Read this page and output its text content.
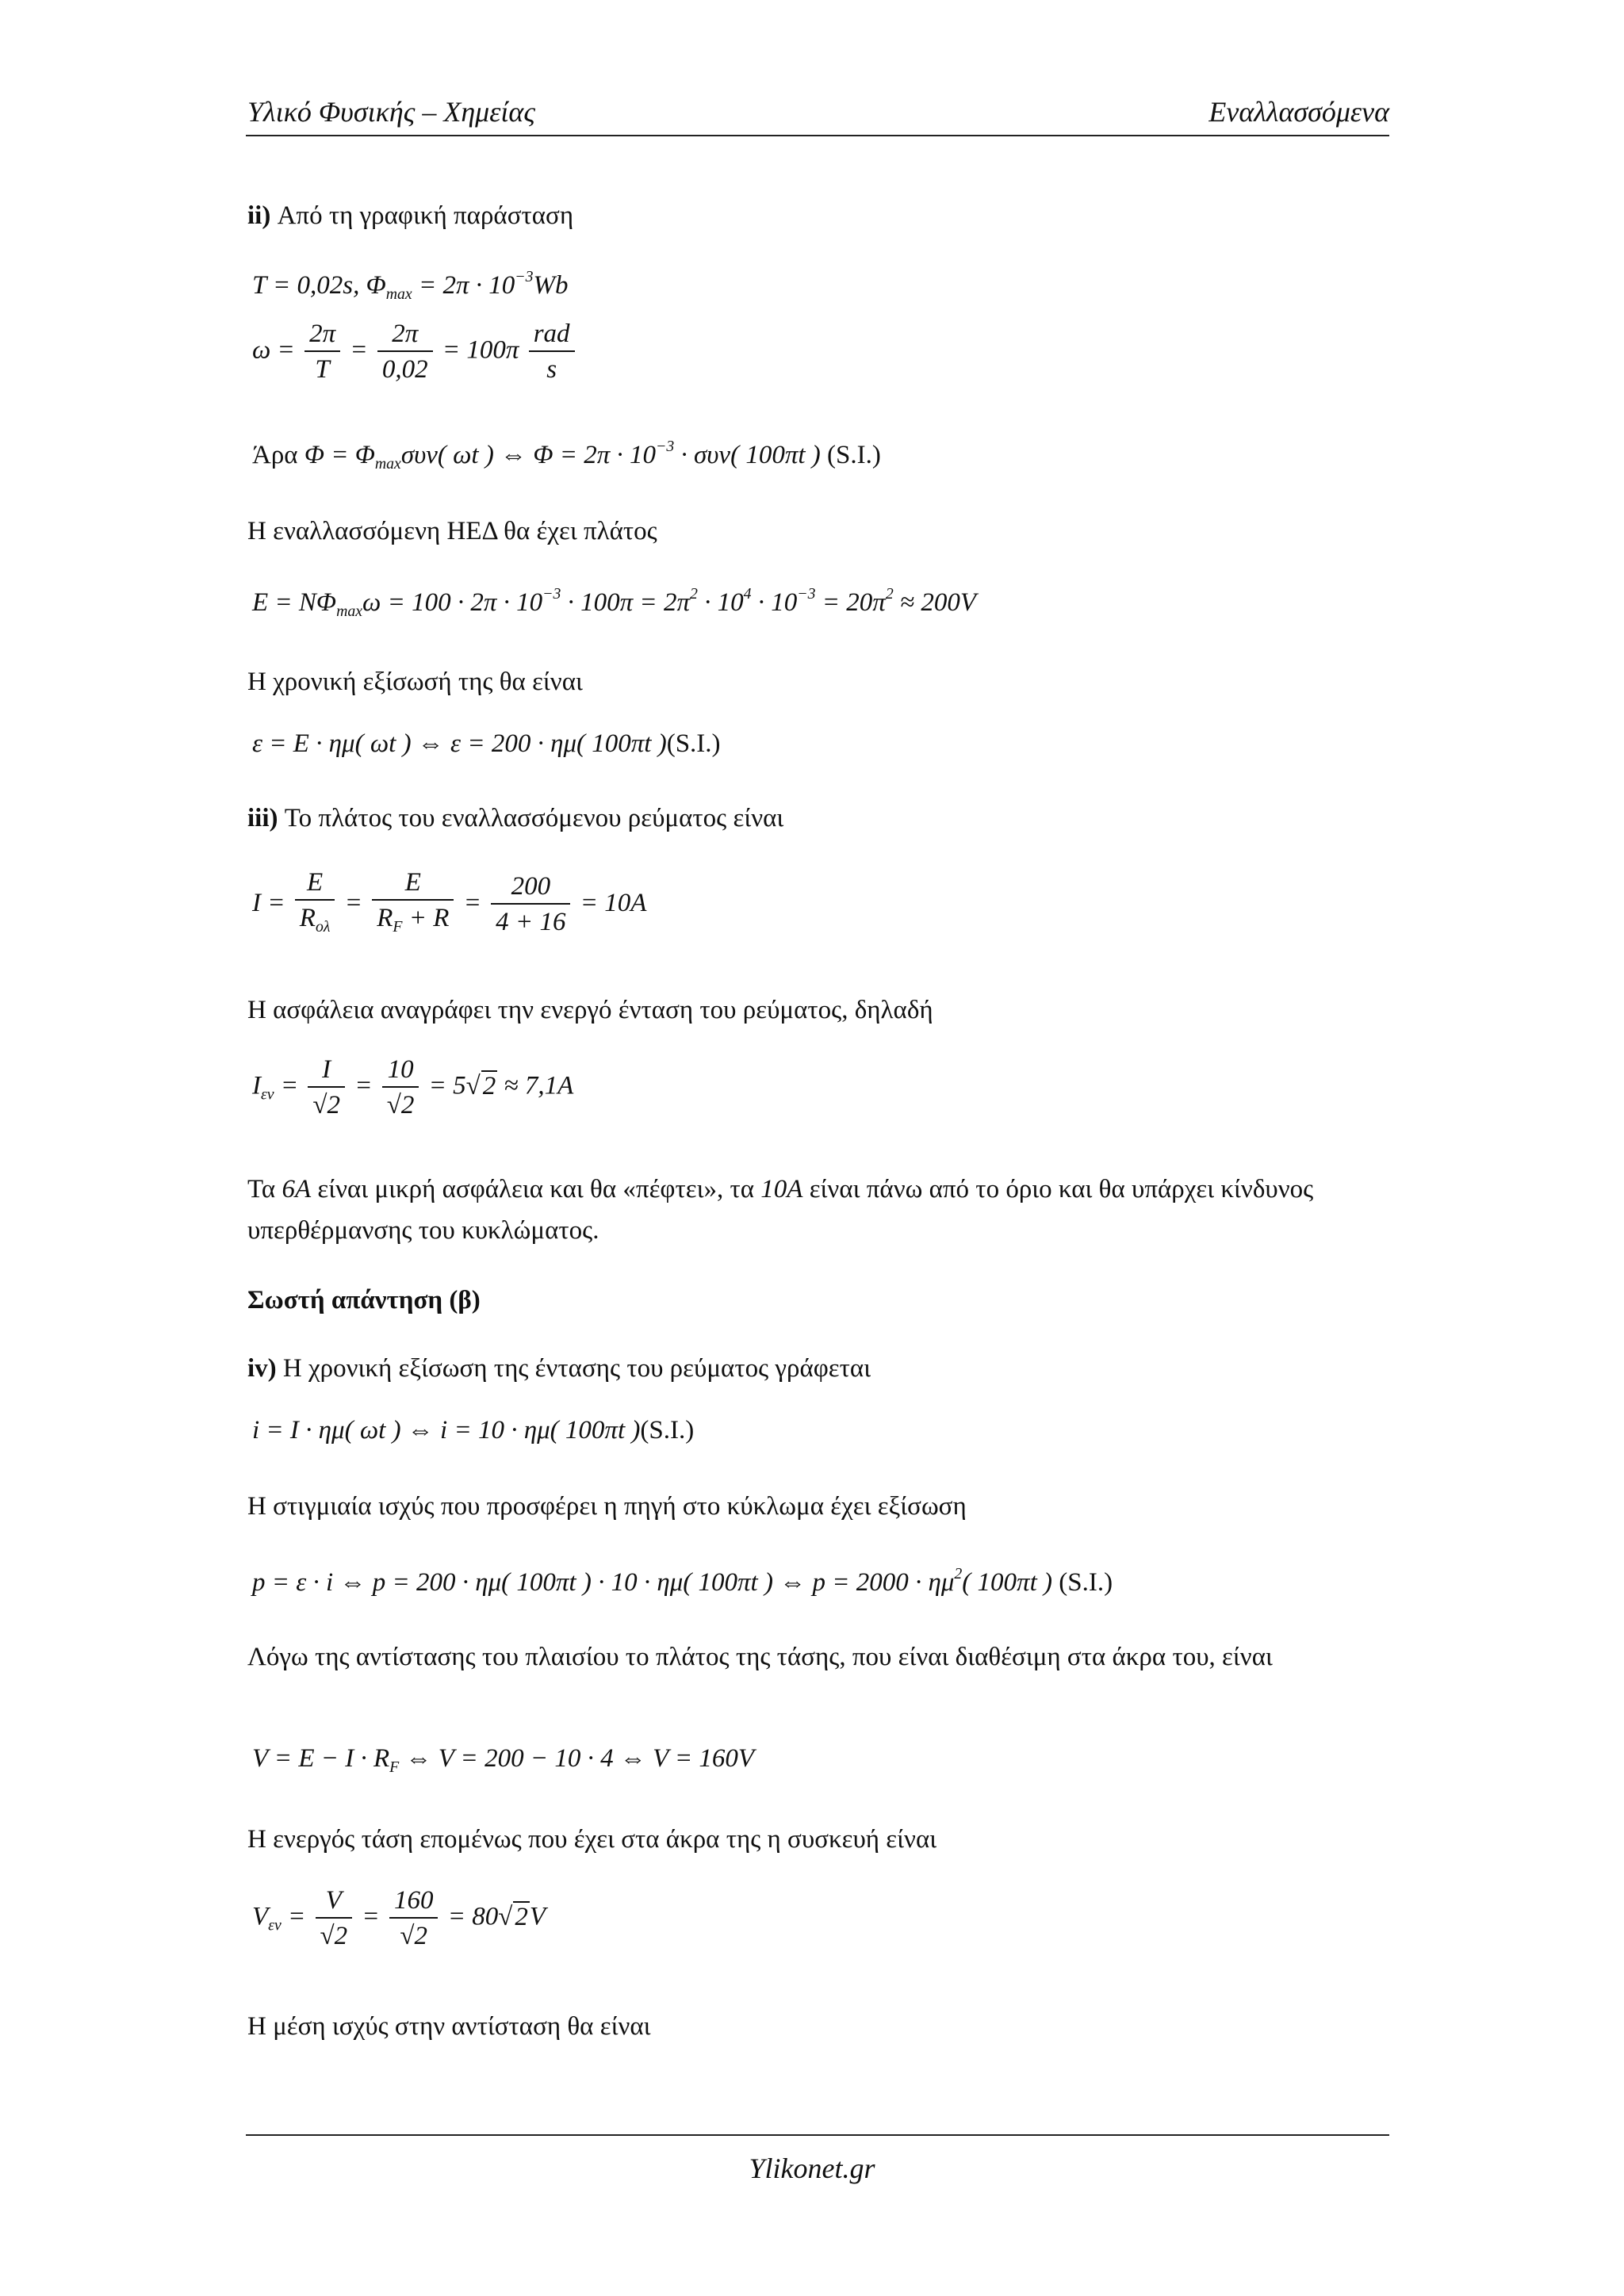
Υλικό Φυσικής – Χημείας	Εναλλασσόμενα

ii) Από τη γραφική παράσταση

T = 0,02s, $\Phi_{max} = 2\pi \cdot 10^{-3}Wb$
$\omega = \frac{2\pi}{T} = \frac{2\pi}{0,02} = 100\pi \frac{\text{rad}}{s}$
Άρα $\Phi = \Phi_{max}\sigma\upsilon\nu$( ωt ) ⇔ $\Phi = 2\pi \cdot 10^{-3} \cdot \sigma\upsilon\nu$( 100πt ) (S.I.)

Η εναλλασσόμενη ΗΕΔ θα έχει πλάτος

$E = N\Phi_{max}\omega = 100 \cdot 2\pi \cdot 10^{-3} \cdot 100\pi = 2\pi^2 \cdot 10^4 \cdot 10^{-3} = 20\pi^2 \approx 200V$

Η χρονική εξίσωσή της θα είναι

ε = E · ημ( ωt ) ⇔ ε = 200 · ημ( 100πt )(S.I.)

iii) Το πλάτος του εναλλασσόμενου ρεύματος είναι

$I = \frac{E}{R_{o\lambda}} = \frac{E}{R_F + R} = \frac{200}{4 + 16} = 10A$

Η ασφάλεια αναγράφει την ενεργό ένταση του ρεύματος, δηλαδή

$I_{\varepsilon\nu} = \frac{I}{√2} = \frac{10}{√2} = 5√2 \approx 7,1A$

Τα 6A είναι μικρή ασφάλεια και θα «πέφτει», τα 10A είναι πάνω από το όριο και θα υπάρχει κίνδυνος υπερθέρμανσης του κυκλώματος.

Σωστή απάντηση (β)

iv) Η χρονική εξίσωση της έντασης του ρεύματος γράφεται

i = I · ημ( ωt ) ⇔ i = 10 · ημ( 100πt )(S.I.)

Η στιγμιαία ισχύς που προσφέρει η πηγή στο κύκλωμα έχει εξίσωση

p = ε · i ⇔ p = 200 · ημ( 100πt ) · 10 · ημ( 100πt ) ⇔ $p = 2000 \cdot \eta\mu^2$( 100πt ) (S.I.)

Λόγω της αντίστασης του πλαισίου το πλάτος της τάσης, που είναι διαθέσιμη στα άκρα του, είναι

$V = E - I \cdot R_F$ ⇔ V = 200 − 10 · 4 ⇔ V = 160V

Η ενεργός τάση επομένως που έχει στα άκρα της η συσκευή είναι

$V_{\varepsilon\nu} = \frac{V}{√2} = \frac{160}{√2} = 80√2V$

Η μέση ισχύς στην αντίσταση θα είναι

Ylikonet.gr
